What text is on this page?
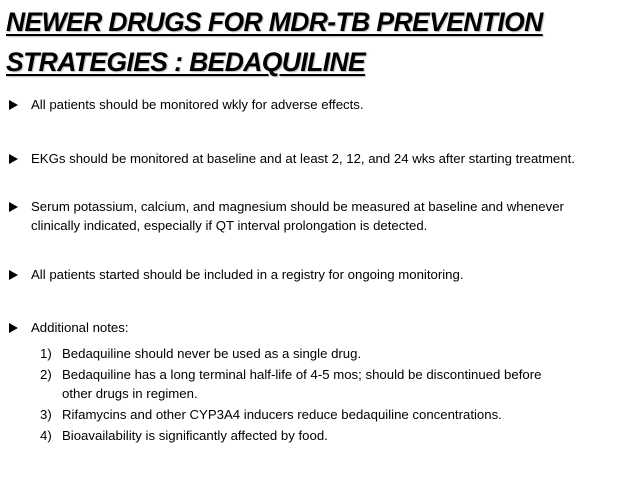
NEWER DRUGS FOR MDR-TB PREVENTION
STRATEGIES : BEDAQUILINE
All patients should be monitored wkly for adverse effects.
EKGs should be monitored at baseline and at least 2, 12, and 24 wks after starting treatment.
Serum potassium, calcium, and magnesium should be measured at baseline and whenever
clinically indicated, especially if QT interval prolongation is detected.
All patients started should be included in a registry for ongoing monitoring.
Additional notes:
1) Bedaquiline should never be used as a single drug.
2) Bedaquiline has a long terminal half-life of 4-5 mos; should be discontinued before
other drugs in regimen.
3) Rifamycins and other CYP3A4 inducers reduce bedaquiline concentrations.
4) Bioavailability is significantly affected by food.
